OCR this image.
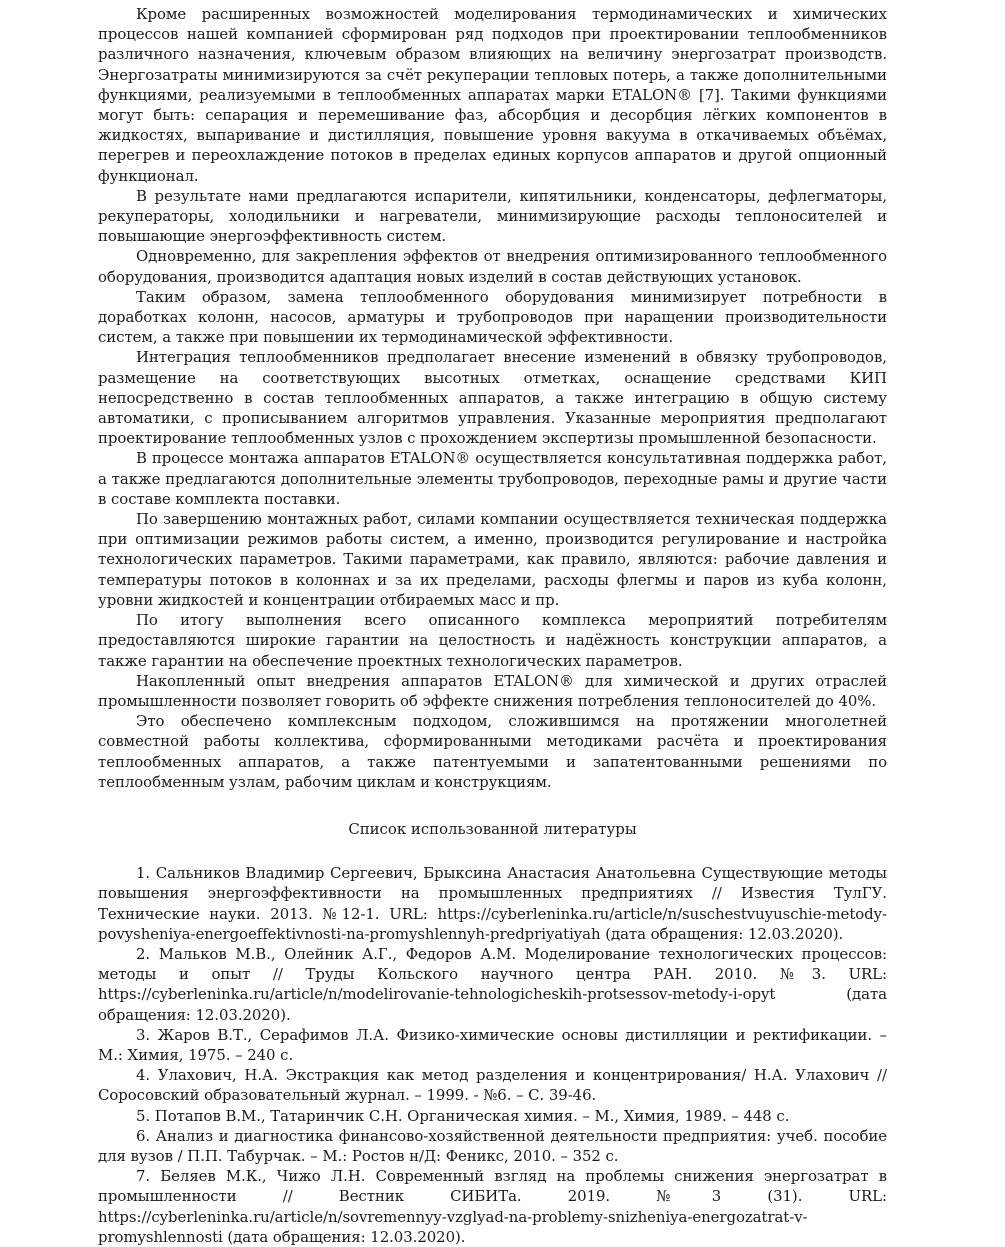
Кроме расширенных возможностей моделирования термодинамических и химических процессов нашей компанией сформирован ряд подходов при проектировании теплообменников различного назначения, ключевым образом влияющих на величину энергозатрат производств. Энергозатраты минимизируются за счёт рекуперации тепловых потерь, а также дополнительными функциями, реализуемыми в теплообменных аппаратах марки ETALON® [7]. Такими функциями могут быть: сепарация и перемешивание фаз, абсорбция и десорбция лёгких компонентов в жидкостях, выпаривание и дистилляция, повышение уровня вакуума в откачиваемых объёмах, перегрев и переохлаждение потоков в пределах единых корпусов аппаратов и другой опционный функционал.

В результате нами предлагаются испарители, кипятильники, конденсаторы, дефлегматоры, рекуператоры, холодильники и нагреватели, минимизирующие расходы теплоносителей и повышающие энергоэффективность систем.

Одновременно, для закрепления эффектов от внедрения оптимизированного теплообменного оборудования, производится адаптация новых изделий в состав действующих установок.

Таким образом, замена теплообменного оборудования минимизирует потребности в доработках колонн, насосов, арматуры и трубопроводов при наращении производительности систем, а также при повышении их термодинамической эффективности.

Интеграция теплообменников предполагает внесение изменений в обвязку трубопроводов, размещение на соответствующих высотных отметках, оснащение средствами КИП непосредственно в состав теплообменных аппаратов, а также интеграцию в общую систему автоматики, с прописыванием алгоритмов управления. Указанные мероприятия предполагают проектирование теплообменных узлов с прохождением экспертизы промышленной безопасности.

В процессе монтажа аппаратов ETALON® осуществляется консультативная поддержка работ, а также предлагаются дополнительные элементы трубопроводов, переходные рамы и другие части в составе комплекта поставки.

По завершению монтажных работ, силами компании осуществляется техническая поддержка при оптимизации режимов работы систем, а именно, производится регулирование и настройка технологических параметров. Такими параметрами, как правило, являются: рабочие давления и температуры потоков в колоннах и за их пределами, расходы флегмы и паров из куба колонн, уровни жидкостей и концентрации отбираемых масс и пр.

По итогу выполнения всего описанного комплекса мероприятий потребителям предоставляются широкие гарантии на целостность и надёжность конструкции аппаратов, а также гарантии на обеспечение проектных технологических параметров.

Накопленный опыт внедрения аппаратов ETALON® для химической и других отраслей промышленности позволяет говорить об эффекте снижения потребления теплоносителей до 40%.

Это обеспечено комплексным подходом, сложившимся на протяжении многолетней совместной работы коллектива, сформированными методиками расчёта и проектирования теплообменных аппаратов, а также патентуемыми и запатентованными решениями по теплообменным узлам, рабочим циклам и конструкциям.

Список использованной литературы

1. Сальников Владимир Сергеевич, Брыксина Анастасия Анатольевна Существующие методы повышения энергоэффективности на промышленных предприятиях // Известия ТулГУ. Технические науки. 2013. №12-1. URL: https://cyberleninka.ru/article/n/suschestvuyuschie-metody-povysheniya-energoeffektivnosti-na-promyshlennyh-predpriyatiyah (дата обращения: 12.03.2020).

2. Мальков М.В., Олейник А.Г., Федоров А.М. Моделирование технологических процессов: методы и опыт // Труды Кольского научного центра РАН. 2010. №3. URL: https://cyberleninka.ru/article/n/modelirovanie-tehnologicheskih-protsessov-metody-i-opyt (дата обращения: 12.03.2020).

3. Жаров В.Т., Серафимов Л.А. Физико-химические основы дистилляции и ректификации. – М.: Химия, 1975. – 240 с.

4. Улахович, Н.А. Экстракция как метод разделения и концентрирования/ Н.А. Улахович // Соросовский образовательный журнал. – 1999. - №6. – С. 39-46.

5. Потапов В.М., Татаринчик С.Н. Органическая химия. – М., Химия, 1989. – 448 с.

6. Анализ и диагностика финансово-хозяйственной деятельности предприятия: учеб. пособие для вузов / П.П. Табурчак. – М.: Ростов н/Д: Феникс, 2010. – 352 с.

7. Беляев М.К., Чижо Л.Н. Современный взгляд на проблемы снижения энергозатрат в промышленности // Вестник СИБИТа. 2019. №3 (31). URL: https://cyberleninka.ru/article/n/sovremennyy-vzglyad-na-problemy-snizheniya-energozatrat-v-promyshlennosti (дата обращения: 12.03.2020).
